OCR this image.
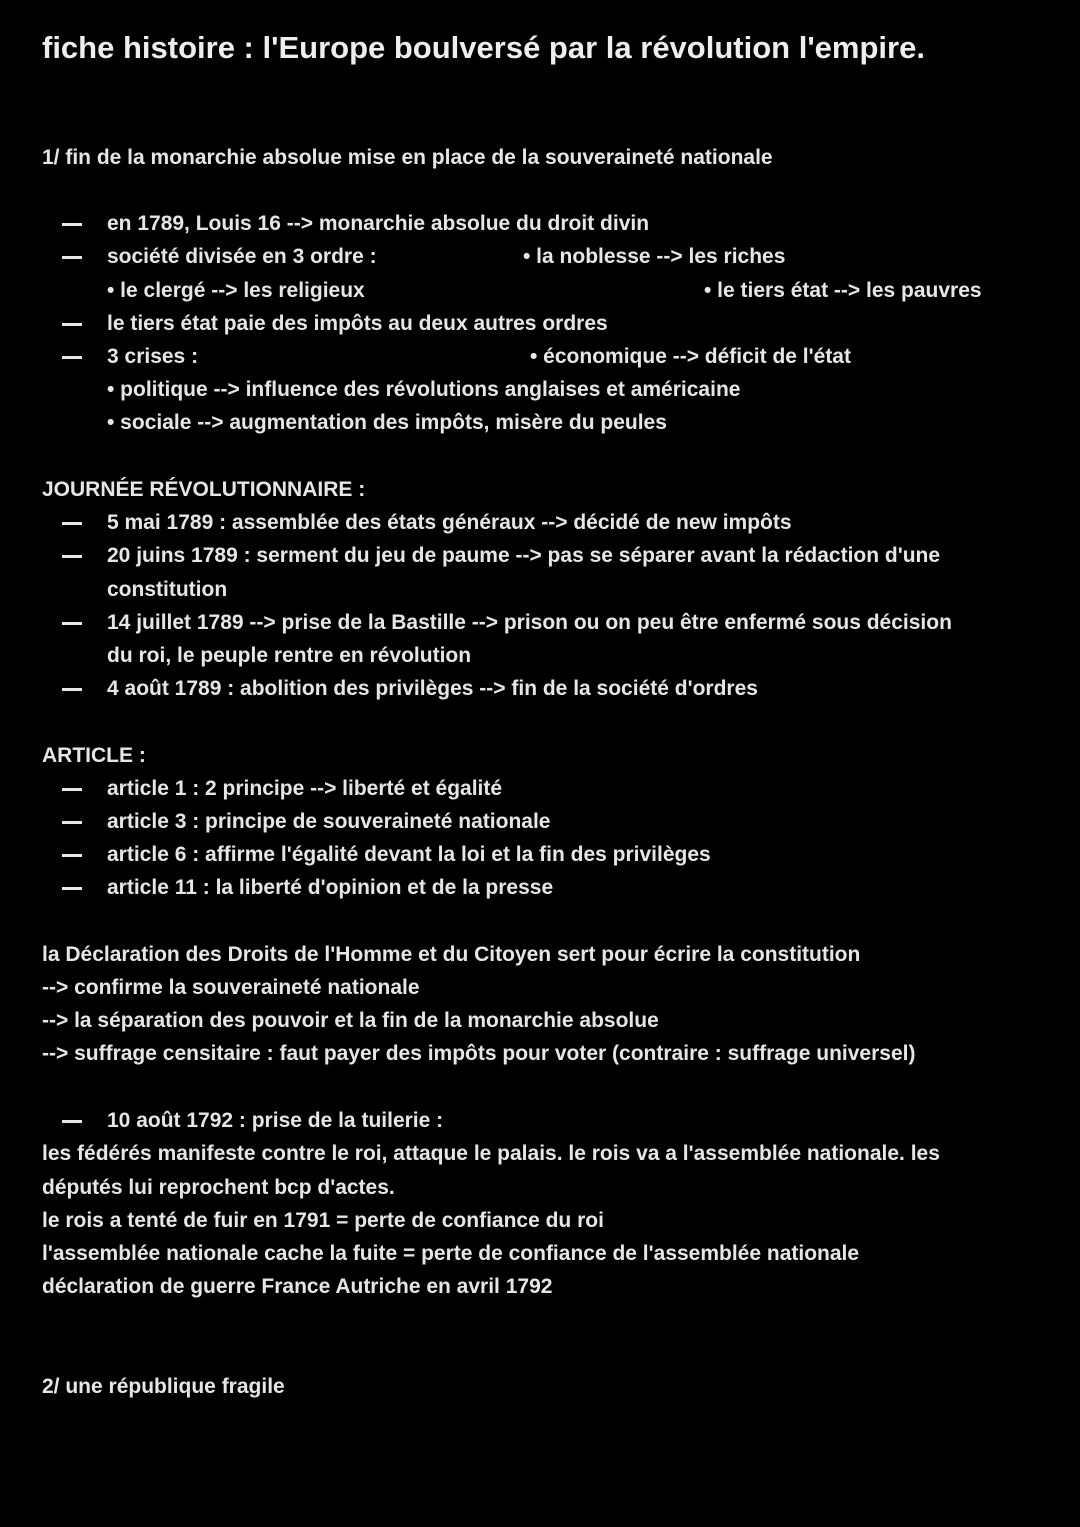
fiche histoire : l'Europe boulversé par la révolution l'empire.
1/ fin de la monarchie absolue mise en place de la souveraineté nationale
en 1789, Louis 16 --> monarchie absolue du droit divin
société divisée en 3 ordre :	• la noblesse --> les riches
• le clergé --> les religieux	• le tiers état --> les pauvres
le tiers état paie des impôts au deux autres ordres
3 crises :	• économique --> déficit de l'état
• politique --> influence des révolutions anglaises et américaine
• sociale --> augmentation des impôts, misère du peules
JOURNÉE RÉVOLUTIONNAIRE :
5 mai 1789 : assemblée des états généraux --> décidé de new impôts
20 juins 1789 : serment du jeu de paume --> pas se séparer avant la rédaction d'une
constitution
14 juillet 1789 --> prise de la Bastille --> prison ou on peu être enfermé sous décision
du roi, le peuple rentre en révolution
4 août 1789 : abolition des privilèges --> fin de la société d'ordres
ARTICLE :
article 1 : 2 principe --> liberté et égalité
article 3 : principe de souveraineté nationale
article 6 : affirme l'égalité devant la loi et la fin des privilèges
article 11 : la liberté d'opinion et de la presse
la Déclaration des Droits de l'Homme et du Citoyen sert pour écrire la constitution
--> confirme la souveraineté nationale
--> la séparation des pouvoir et la fin de la monarchie absolue
--> suffrage censitaire : faut payer des impôts pour voter (contraire : suffrage universel)
10 août 1792 : prise de la tuilerie :
les fédérés manifeste contre le roi, attaque le palais. le rois va a l'assemblée nationale. les
députés lui reprochent bcp d'actes.
le rois a tenté de fuir en 1791 = perte de confiance du roi
l'assemblée nationale cache la fuite = perte de confiance de l'assemblée nationale
déclaration de guerre France Autriche en avril 1792
2/ une république fragile
